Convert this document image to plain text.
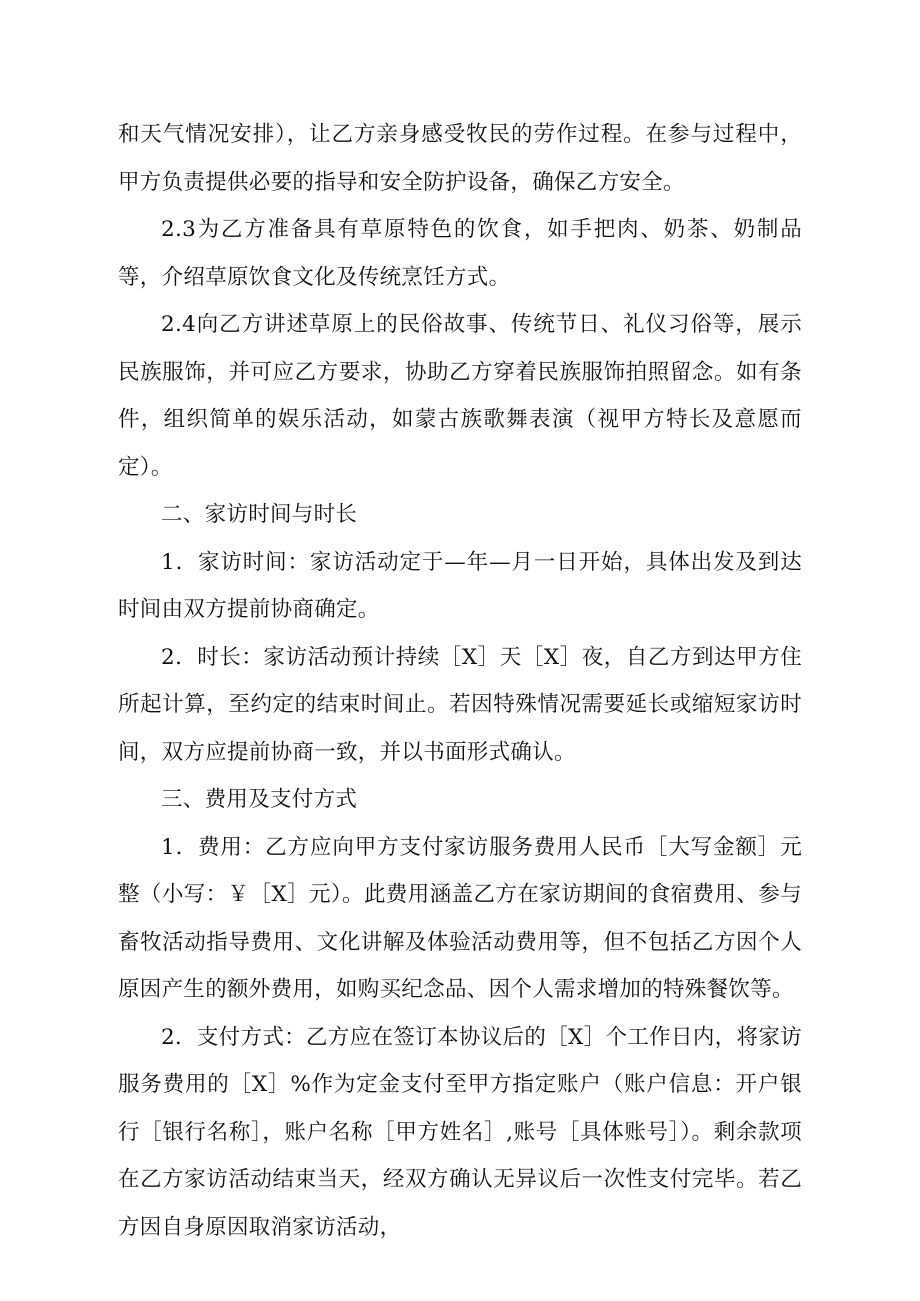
和天气情况安排），让乙方亲身感受牧民的劳作过程。在参与过程中，甲方负责提供必要的指导和安全防护设备，确保乙方安全。

2.3为乙方准备具有草原特色的饮食，如手把肉、奶茶、奶制品等，介绍草原饮食文化及传统烹饪方式。

2.4向乙方讲述草原上的民俗故事、传统节日、礼仪习俗等，展示民族服饰，并可应乙方要求，协助乙方穿着民族服饰拍照留念。如有条件，组织简单的娱乐活动，如蒙古族歌舞表演（视甲方特长及意愿而定）。

二、家访时间与时长

1．家访时间：家访活动定于—年—月一日开始，具体出发及到达时间由双方提前协商确定。

2．时长：家访活动预计持续［X］天［X］夜，自乙方到达甲方住所起计算，至约定的结束时间止。若因特殊情况需要延长或缩短家访时间，双方应提前协商一致，并以书面形式确认。

三、费用及支付方式

1．费用：乙方应向甲方支付家访服务费用人民币［大写金额］元整（小写：￥［X］元）。此费用涵盖乙方在家访期间的食宿费用、参与畜牧活动指导费用、文化讲解及体验活动费用等，但不包括乙方因个人原因产生的额外费用，如购买纪念品、因个人需求增加的特殊餐饮等。

2．支付方式：乙方应在签订本协议后的［X］个工作日内，将家访服务费用的［X］%作为定金支付至甲方指定账户（账户信息：开户银行［银行名称］，账户名称［甲方姓名］,账号［具体账号］）。剩余款项在乙方家访活动结束当天，经双方确认无异议后一次性支付完毕。若乙方因自身原因取消家访活动，
